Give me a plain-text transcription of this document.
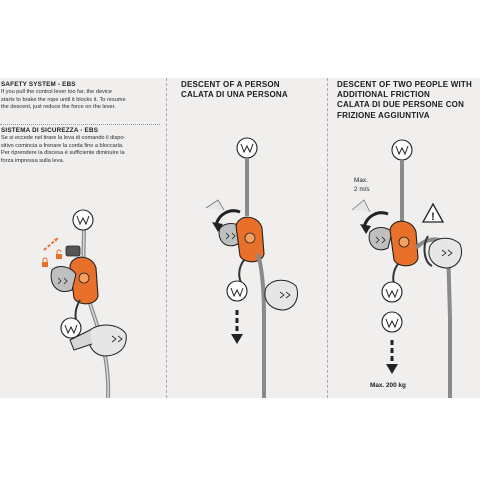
SAFETY SYSTEM - EBS
If you pull the control lever too far, the device
starts to brake the rope until it blocks it. To resume
the descent, just reduce the force on the lever.
SISTEMA DI SICUREZZA - EBS
Se si eccede nel tirare la leva di comando il dispo-
sitivo comincia a frenare la corda fino a bloccarla.
Per riprendere la discesa è sufficiente diminuire la
forza impressa sulla leva.
DESCENT OF A PERSON
CALATA DI UNA PERSONA
DESCENT OF TWO PEOPLE WITH
ADDITIONAL FRICTION
CALATA DI DUE PERSONE CON
FRIZIONE AGGIUNTIVA
Max.
2 m/s
Max. 200 kg
!
